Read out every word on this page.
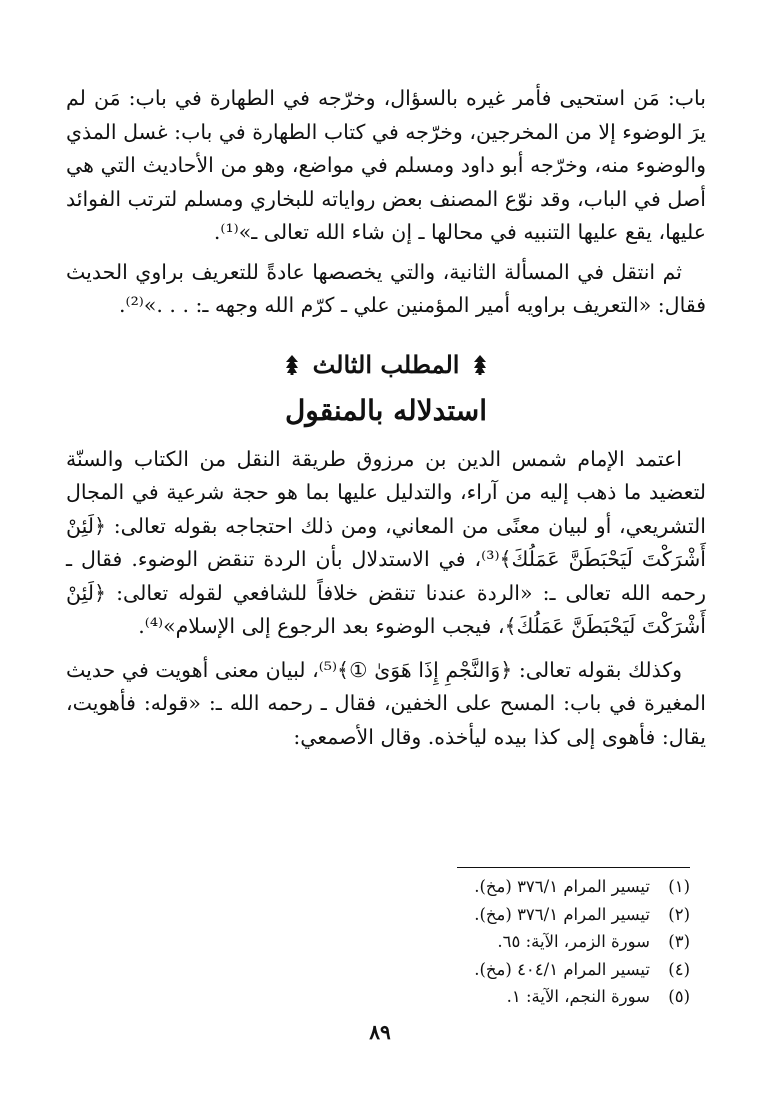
باب: مَن استحيى فأمر غيره بالسؤال، وخرّجه في الطهارة في باب: مَن لم يرَ الوضوء إلا من المخرجين، وخرّجه في كتاب الطهارة في باب: غسل المذي والوضوء منه، وخرّجه أبو داود ومسلم في مواضع، وهو من الأحاديث التي هي أصل في الباب، وقد نوّع المصنف بعض رواياته للبخاري ومسلم لترتب الفوائد عليها، يقع عليها التنبيه في محالها ـ إن شاء الله تعالى ـ»⁽¹⁾.

ثم انتقل في المسألة الثانية، والتي يخصصها عادةً للتعريف براوي الحديث فقال: «التعريف براويه أمير المؤمنين علي ـ كرّم الله وجهه ـ: . . .»⁽²⁾.

المطلب الثالث
استدلاله بالمنقول

اعتمد الإمام شمس الدين بن مرزوق طريقة النقل من الكتاب والسنّة لتعضيد ما ذهب إليه من آراء، والتدليل عليها بما هو حجة شرعية في المجال التشريعي، أو لبيان معنًى من المعاني، ومن ذلك احتجاجه بقوله تعالى: ﴿لَئِنْ أَشْرَكْتَ لَيَحْبَطَنَّ عَمَلُكَ﴾⁽³⁾، في الاستدلال بأن الردة تنقض الوضوء. فقال ـ رحمه الله تعالى ـ: «الردة عندنا تنقض خلافاً للشافعي لقوله تعالى: ﴿لَئِنْ أَشْرَكْتَ لَيَحْبَطَنَّ عَمَلُكَ﴾، فيجب الوضوء بعد الرجوع إلى الإسلام»⁽⁴⁾.

وكذلك بقوله تعالى: ﴿وَالنَّجْمِ إِذَا هَوَىٰ ①﴾⁽⁵⁾، لبيان معنى أهويت في حديث المغيرة في باب: المسح على الخفين، فقال ـ رحمه الله ـ: «قوله: فأهويت، يقال: فأهوى إلى كذا بيده ليأخذه. وقال الأصمعي:

(١)تيسير المرام ٣٧٦/١ (مخ).
(٢)تيسير المرام ٣٧٦/١ (مخ).
(٣)سورة الزمر، الآية: ٦٥.
(٤)تيسير المرام ٤٠٤/١ (مخ).
(٥)سورة النجم، الآية: ١.
٨٩
